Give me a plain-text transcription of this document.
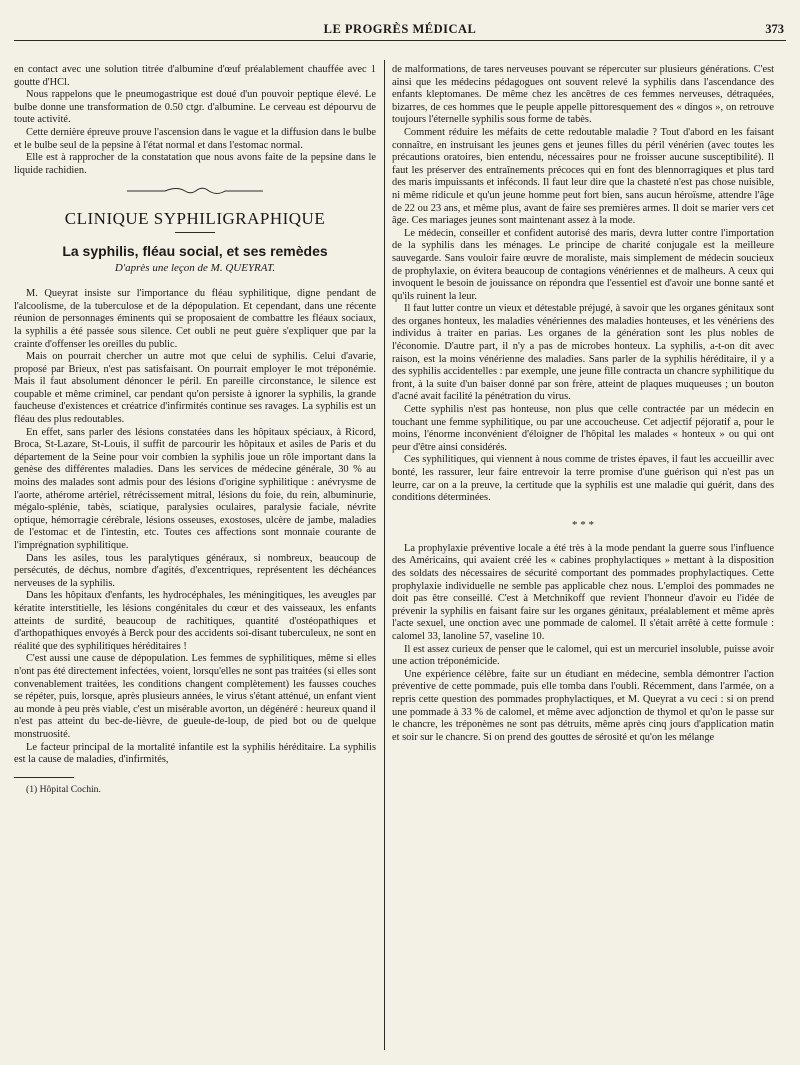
LE PROGRÈS MÉDICAL	373

en contact avec une solution titrée d'albumine d'œuf préalablement chauffée avec 1 goutte d'HCl.

Nous rappelons que le pneumogastrique est doué d'un pouvoir peptique élevé. Le bulbe donne une transformation de 0.50 ctgr. d'albumine. Le cerveau est dépourvu de toute activité.

Cette dernière épreuve prouve l'ascension dans le vague et la diffusion dans le bulbe et le bulbe seul de la pepsine à l'état normal et dans l'estomac normal.

Elle est à rapprocher de la constatation que nous avons faite de la pepsine dans le liquide rachidien.

CLINIQUE SYPHILIGRAPHIQUE
La syphilis, fléau social, et ses remèdes
D'après une leçon de M. QUEYRAT.

M. Queyrat insiste sur l'importance du fléau syphilitique, digne pendant de l'alcoolisme, de la tuberculose et de la dépopulation. Et cependant, dans une récente réunion de personnages éminents qui se proposaient de combattre les fléaux sociaux, la syphilis a été passée sous silence. Cet oubli ne peut guère s'expliquer que par la crainte d'offenser les oreilles du public.

Mais on pourrait chercher un autre mot que celui de syphilis. Celui d'avarie, proposé par Brieux, n'est pas satisfaisant. On pourrait employer le mot tréponémie. Mais il faut absolument dénoncer le péril. En pareille circonstance, le silence est coupable et même criminel, car pendant qu'on persiste à ignorer la syphilis, la grande faucheuse d'existences et créatrice d'infirmités continue ses ravages. La syphilis est un fléau des plus redoutables.

En effet, sans parler des lésions constatées dans les hôpitaux spéciaux, à Ricord, Broca, St-Lazare, St-Louis, il suffit de parcourir les hôpitaux et asiles de Paris et du département de la Seine pour voir combien la syphilis joue un rôle important dans la genèse des différentes maladies. Dans les services de médecine générale, 30 % au moins des malades sont admis pour des lésions d'origine syphilitique : anévrysme de l'aorte, athérome artériel, rétrécissement mitral, lésions du foie, du rein, albuminurie, mégalo-splénie, tabès, sciatique, paralysies oculaires, paralysie faciale, névrite optique, hémorragie cérébrale, lésions osseuses, exostoses, ulcère de jambe, maladies de l'estomac et de l'intestin, etc. Toutes ces affections sont monnaie courante de l'imprégnation syphilitique.

Dans les asiles, tous les paralytiques généraux, si nombreux, beaucoup de persécutés, de déchus, nombre d'agités, d'excentriques, représentent les déchéances nerveuses de la syphilis.

Dans les hôpitaux d'enfants, les hydrocéphales, les méningitiques, les aveugles par kératite interstitielle, les lésions congénitales du cœur et des vaisseaux, les enfants atteints de surdité, beaucoup de rachitiques, quantité d'ostéopathiques et d'arthopathiques envoyés à Berck pour des accidents soi-disant tuberculeux, ne sont en réalité que des syphilitiques héréditaires !

C'est aussi une cause de dépopulation. Les femmes de syphilitiques, même si elles n'ont pas été directement infectées, voient, lorsqu'elles ne sont pas traitées (si elles sont convenablement traitées, les conditions changent complètement) les fausses couches se répéter, puis, lorsque, après plusieurs années, le virus s'étant atténué, un enfant vient au monde à peu près viable, c'est un misérable avorton, un dégénéré : heureux quand il n'est pas atteint du bec-de-lièvre, de gueule-de-loup, de pied bot ou de quelque monstruosité.

Le facteur principal de la mortalité infantile est la syphilis héréditaire. La syphilis est la cause de maladies, d'infirmités,

(1) Hôpital Cochin.

de malformations, de tares nerveuses pouvant se répercuter sur plusieurs générations. C'est ainsi que les médecins pédagogues ont souvent relevé la syphilis dans l'ascendance des enfants kleptomanes. De même chez les ancêtres de ces femmes nerveuses, détraquées, bizarres, de ces hommes que le peuple appelle pittoresquement des « dingos », on retrouve toujours l'éternelle syphilis sous forme de tabès.

Comment réduire les méfaits de cette redoutable maladie ? Tout d'abord en les faisant connaître, en instruisant les jeunes gens et jeunes filles du péril vénérien (avec toutes les précautions oratoires, bien entendu, nécessaires pour ne froisser aucune susceptibilité). Il faut les préserver des entraînements précoces qui en font des blennorragiques et plus tard des maris impuissants et inféconds. Il faut leur dire que la chasteté n'est pas chose nuisible, ni même ridicule et qu'un jeune homme peut fort bien, sans aucun héroïsme, attendre l'âge de 22 ou 23 ans, et même plus, avant de faire ses premières armes. Il doit se marier vers cet âge. Ces mariages jeunes sont maintenant assez à la mode.

Le médecin, conseiller et confident autorisé des maris, devra lutter contre l'importation de la syphilis dans les ménages. Le principe de charité conjugale est la meilleure sauvegarde. Sans vouloir faire œuvre de moraliste, mais simplement de médecin soucieux de prophylaxie, on évitera beaucoup de contagions vénériennes et de malheurs. A ceux qui invoquent le besoin de jouissance on répondra que l'essentiel est d'avoir une bonne santé et qu'ils ruinent la leur.

Il faut lutter contre un vieux et détestable préjugé, à savoir que les organes génitaux sont des organes honteux, les maladies vénériennes des maladies honteuses, et les vénériens des individus à traiter en parias. Les organes de la génération sont les plus nobles de l'économie. D'autre part, il n'y a pas de microbes honteux. La syphilis, a-t-on dit avec raison, est la moins vénérienne des maladies. Sans parler de la syphilis héréditaire, il y a des syphilis accidentelles : par exemple, une jeune fille contracta un chancre syphilitique du front, à la suite d'un baiser donné par son frère, atteint de plaques muqueuses ; un bouton d'acné avait facilité la pénétration du virus.

Cette syphilis n'est pas honteuse, non plus que celle contractée par un médecin en touchant une femme syphilitique, ou par une accoucheuse. Cet adjectif péjoratif a, pour le moins, l'énorme inconvénient d'éloigner de l'hôpital les malades « honteux » ou qui ont peur d'être ainsi considérés.

Ces syphilitiques, qui viennent à nous comme de tristes épaves, il faut les accueillir avec bonté, les rassurer, leur faire entrevoir la terre promise d'une guérison qui n'est pas un leurre, car on a la preuve, la certitude que la syphilis est une maladie qui guérit, dans des conditions déterminées.

* * *

La prophylaxie préventive locale a été très à la mode pendant la guerre sous l'influence des Américains, qui avaient créé les « cabines prophylactiques » mettant à la disposition des soldats des nécessaires de sécurité comportant des pommades prophylactiques. Cette prophylaxie individuelle ne semble pas applicable chez nous. L'emploi des pommades ne doit pas être conseillé. C'est à Metchnikoff que revient l'honneur d'avoir eu l'idée de prévenir la syphilis en faisant faire sur les organes génitaux, préalablement et même après l'acte sexuel, une onction avec une pommade de calomel. Il s'était arrêté à cette formule : calomel 33, lanoline 57, vaseline 10.

Il est assez curieux de penser que le calomel, qui est un mercuriel insoluble, puisse avoir une action tréponémicide.

Une expérience célèbre, faite sur un étudiant en médecine, sembla démontrer l'action préventive de cette pommade, puis elle tomba dans l'oubli. Récemment, dans l'armée, on a repris cette question des pommades prophylactiques, et M. Queyrat a vu ceci : si on prend une pommade à 33 % de calomel, et même avec adjonction de thymol et qu'on le passe sur le chancre, les tréponèmes ne sont pas détruits, même après cinq jours d'application matin et soir sur le chancre. Si on prend des gouttes de sérosité et qu'on les mélange
